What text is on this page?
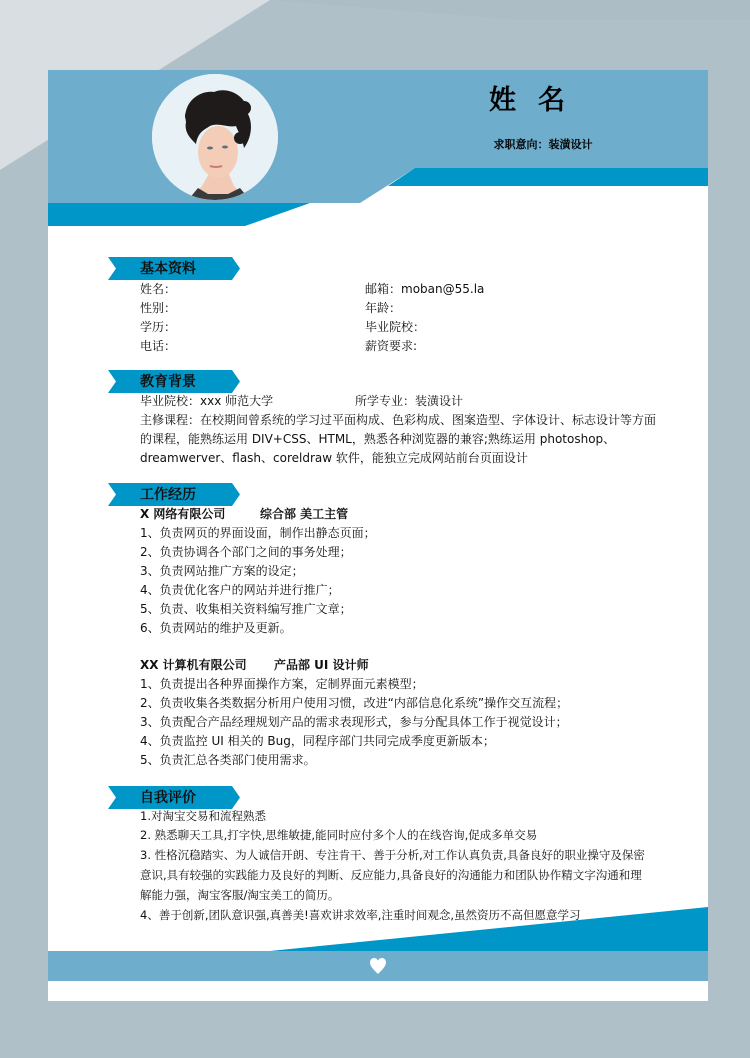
姓名
求职意向：装潢设计
基本资料
姓名：
性别：
学历：
电话：
邮箱：moban@55.la
年龄：
毕业院校：
薪资要求:
教育背景
毕业院校：xxx 师范大学	所学专业：装潢设计
主修课程：在校期间曾系统的学习过平面构成、色彩构成、图案造型、字体设计、标志设计等方面
的课程，能熟练运用 DIV+CSS、HTML，熟悉各种浏览器的兼容;熟练运用 photoshop、
dreamwerver、flash、coreldraw 软件，能独立完成网站前台页面设计
工作经历
X 网络有限公司	综合部 美工主管
1、负责网页的界面设面，制作出静态页面；
2、负责协调各个部门之间的事务处理；
3、负责网站推广方案的设定；
4、负责优化客户的网站并进行推广；
5、负责、收集相关资料编写推广文章；
6、负责网站的维护及更新。
XX 计算机有限公司 产品部 UI 设计师
1、负责提出各种界面操作方案，定制界面元素模型；
2、负责收集各类数据分析用户使用习惯，改进“内部信息化系统”操作交互流程；
3、负责配合产品经理规划产品的需求表现形式，参与分配具体工作于视觉设计；
4、负责监控 UI 相关的 Bug，同程序部门共同完成季度更新版本；
5、负责汇总各类部门使用需求。
自我评价
1.对淘宝交易和流程熟悉
2. 熟悉聊天工具,打字快,思维敏捷,能同时应付多个人的在线咨询,促成多单交易
3. 性格沉稳踏实、为人诚信开朗、专注肯干、善于分析,对工作认真负责,具备良好的职业操守及保密
意识,具有较强的实践能力及良好的判断、反应能力,具备良好的沟通能力和团队协作精文字沟通和理
解能力强，淘宝客服/淘宝美工的简历。
4、善于创新,团队意识强,真善美!喜欢讲求效率,注重时间观念,虽然资历不高但愿意学习
